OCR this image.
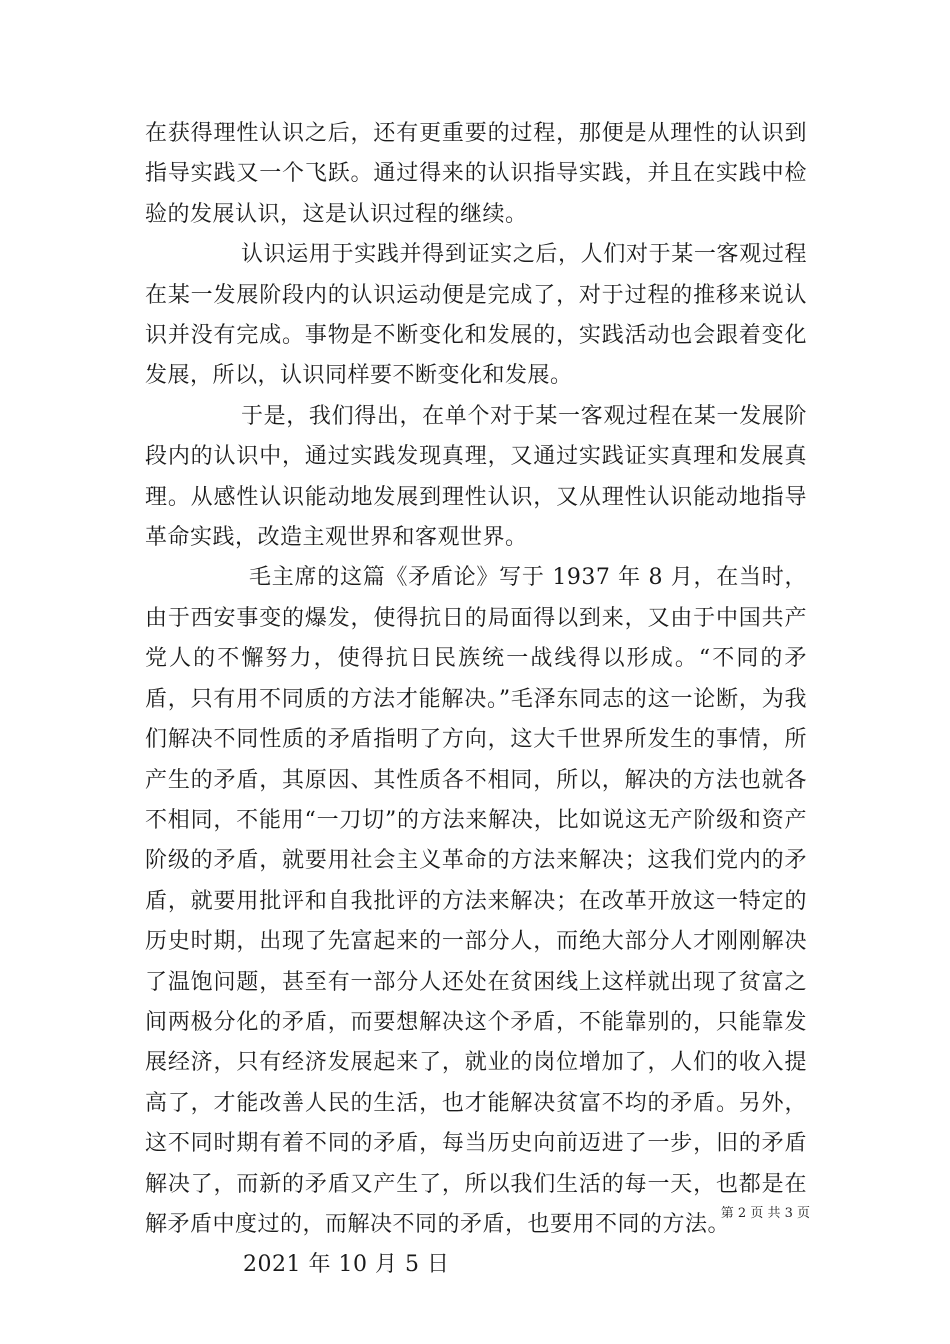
在获得理性认识之后，还有更重要的过程，那便是从理性的认识到指导实践又一个飞跃。通过得来的认识指导实践，并且在实践中检验的发展认识，这是认识过程的继续。

认识运用于实践并得到证实之后，人们对于某一客观过程在某一发展阶段内的认识运动便是完成了，对于过程的推移来说认识并没有完成。事物是不断变化和发展的，实践活动也会跟着变化发展，所以，认识同样要不断变化和发展。

于是，我们得出，在单个对于某一客观过程在某一发展阶段内的认识中，通过实践发现真理，又通过实践证实真理和发展真理。从感性认识能动地发展到理性认识，又从理性认识能动地指导革命实践，改造主观世界和客观世界。

毛主席的这篇《矛盾论》写于 1937 年 8 月，在当时，由于西安事变的爆发，使得抗日的局面得以到来，又由于中国共产党人的不懈努力，使得抗日民族统一战线得以形成。“不同的矛盾，只有用不同质的方法才能解决。”毛泽东同志的这一论断，为我们解决不同性质的矛盾指明了方向，这大千世界所发生的事情，所产生的矛盾，其原因、其性质各不相同，所以，解决的方法也就各不相同，不能用“一刀切”的方法来解决，比如说这无产阶级和资产阶级的矛盾，就要用社会主义革命的方法来解决；这我们党内的矛盾，就要用批评和自我批评的方法来解决；在改革开放这一特定的历史时期，出现了先富起来的一部分人，而绝大部分人才刚刚解决了温饱问题，甚至有一部分人还处在贫困线上这样就出现了贫富之间两极分化的矛盾，而要想解决这个矛盾，不能靠别的，只能靠发展经济，只有经济发展起来了，就业的岗位增加了，人们的收入提高了，才能改善人民的生活，也才能解决贫富不均的矛盾。另外，这不同时期有着不同的矛盾，每当历史向前迈进了一步，旧的矛盾解决了，而新的矛盾又产生了，所以我们生活的每一天，也都是在解矛盾中度过的，而解决不同的矛盾，也要用不同的方法。

2021 年 10 月 5 日

第 2 页 共 3 页
